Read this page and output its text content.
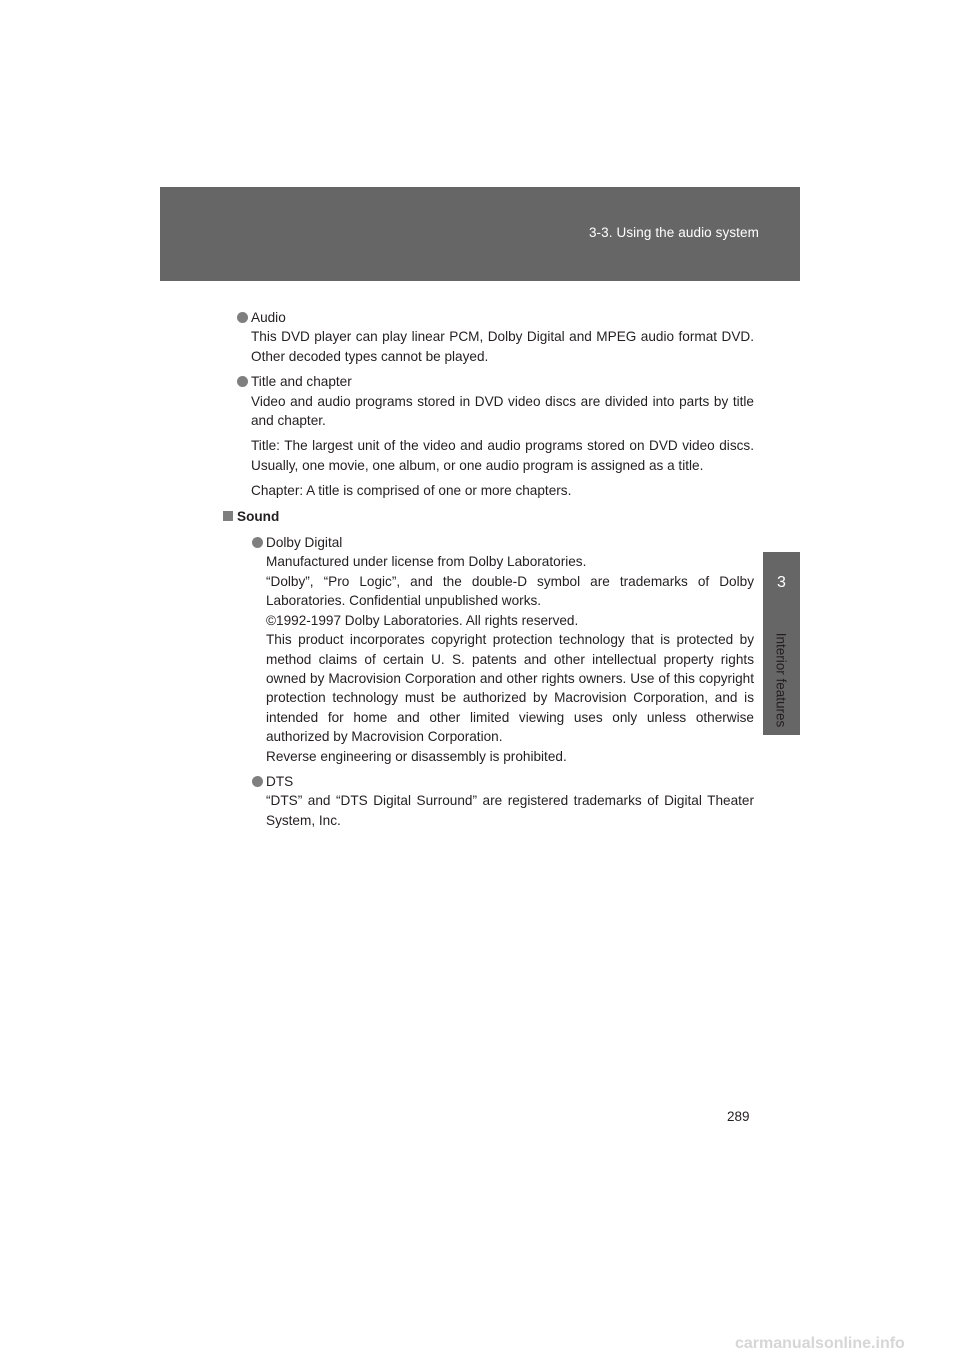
3-3. Using the audio system
3
Interior features

Audio

This DVD player can play linear PCM, Dolby Digital and MPEG audio format DVD. Other decoded types cannot be played.

Title and chapter

Video and audio programs stored in DVD video discs are divided into parts by title and chapter.

Title: The largest unit of the video and audio programs stored on DVD video discs. Usually, one movie, one album, or one audio program is assigned as a title.

Chapter: A title is comprised of one or more chapters.

Sound

Dolby Digital

Manufactured under license from Dolby Laboratories.

“Dolby”, “Pro Logic”, and the double-D symbol are trademarks of Dolby Laboratories. Confidential unpublished works.

©1992-1997 Dolby Laboratories. All rights reserved.

This product incorporates copyright protection technology that is protected by method claims of certain U. S. patents and other intellectual property rights owned by Macrovision Corporation and other rights owners. Use of this copyright protection technology must be authorized by Macrovision Corporation, and is intended for home and other limited viewing uses only unless otherwise authorized by Macrovision Corporation.

Reverse engineering or disassembly is prohibited.

DTS

“DTS” and “DTS Digital Surround” are registered trademarks of Digital Theater System, Inc.

289
carmanualsonline.info
